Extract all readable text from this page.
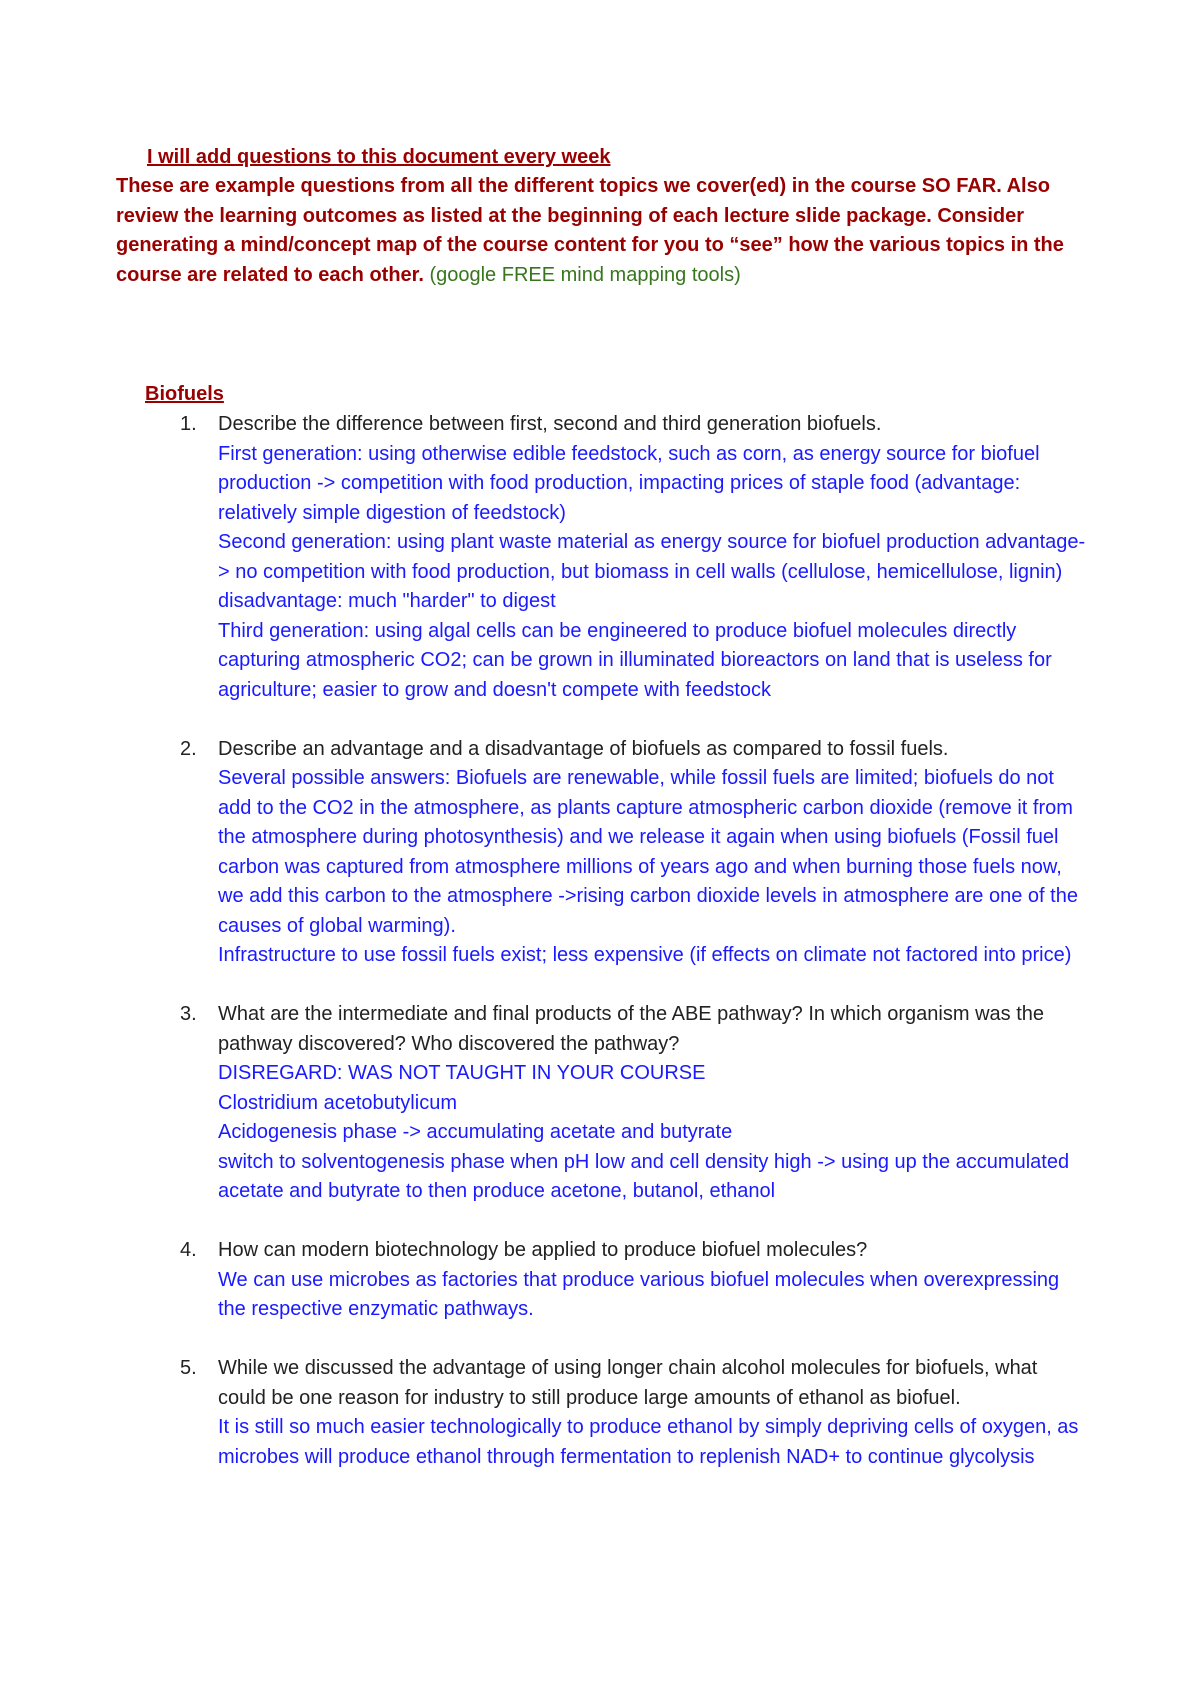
I will add questions to this document every week
These are example questions from all the different topics we cover(ed) in the course SO FAR. Also review the learning outcomes as listed at the beginning of each lecture slide package. Consider generating a mind/concept map of the course content for you to “see” how the various topics in the course are related to each other. (google FREE mind mapping tools)
Biofuels
1. Describe the difference between first, second and third generation biofuels.
First generation: using otherwise edible feedstock, such as corn, as energy source for biofuel production -> competition with food production, impacting prices of staple food (advantage: relatively simple digestion of feedstock)
Second generation: using plant waste material as energy source for biofuel production advantage-> no competition with food production, but biomass in cell walls (cellulose, hemicellulose, lignin) disadvantage: much "harder" to digest
Third generation: using algal cells can be engineered to produce biofuel molecules directly capturing atmospheric CO2; can be grown in illuminated bioreactors on land that is useless for agriculture; easier to grow and doesn't compete with feedstock
2. Describe an advantage and a disadvantage of biofuels as compared to fossil fuels.
Several possible answers: Biofuels are renewable, while fossil fuels are limited; biofuels do not add to the CO2 in the atmosphere, as plants capture atmospheric carbon dioxide (remove it from the atmosphere during photosynthesis) and we release it again when using biofuels (Fossil fuel carbon was captured from atmosphere millions of years ago and when burning those fuels now, we add this carbon to the atmosphere ->rising carbon dioxide levels in atmosphere are one of the causes of global warming).
Infrastructure to use fossil fuels exist; less expensive (if effects on climate not factored into price)
3. What are the intermediate and final products of the ABE pathway? In which organism was the pathway discovered? Who discovered the pathway?
DISREGARD: WAS NOT TAUGHT IN YOUR COURSE
Clostridium acetobutylicum
Acidogenesis phase -> accumulating acetate and butyrate
switch to solventogenesis phase when pH low and cell density high -> using up the accumulated acetate and butyrate to then produce acetone, butanol, ethanol
4. How can modern biotechnology be applied to produce biofuel molecules?
We can use microbes as factories that produce various biofuel molecules when overexpressing the respective enzymatic pathways.
5. While we discussed the advantage of using longer chain alcohol molecules for biofuels, what could be one reason for industry to still produce large amounts of ethanol as biofuel.
It is still so much easier technologically to produce ethanol by simply depriving cells of oxygen, as microbes will produce ethanol through fermentation to replenish NAD+ to continue glycolysis
